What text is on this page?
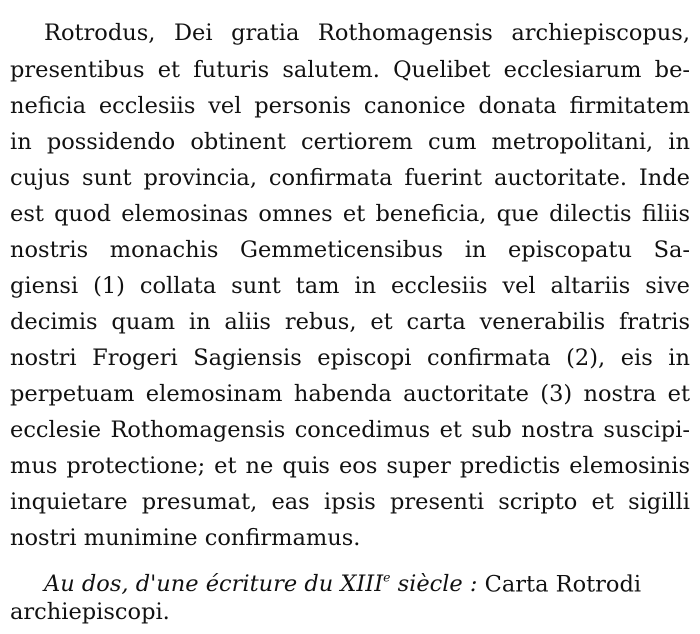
Rotrodus, Dei gratia Rothomagensis archiepiscopus,
presentibus et futuris salutem. Quelibet ecclesiarum be-
neficia ecclesiis vel personis canonice donata firmitatem
in possidendo obtinent certiorem cum metropolitani, in
cujus sunt provincia, confirmata fuerint auctoritate. Inde
est quod elemosinas omnes et beneficia, que dilectis filiis
nostris monachis Gemmeticensibus in episcopatu Sa-
giensi (1) collata sunt tam in ecclesiis vel altariis sive
decimis quam in aliis rebus, et carta venerabilis fratris
nostri Frogeri Sagiensis episcopi confirmata (2), eis in
perpetuam elemosinam habenda auctoritate (3) nostra et
ecclesie Rothomagensis concedimus et sub nostra suscipi-
mus protectione; et ne quis eos super predictis elemosinis
inquietare presumat, eas ipsis presenti scripto et sigilli
nostri munimine confirmamus.
Au dos, d'une écriture du XIIIe siècle : Carta Rotrodi
archiepiscopi.
